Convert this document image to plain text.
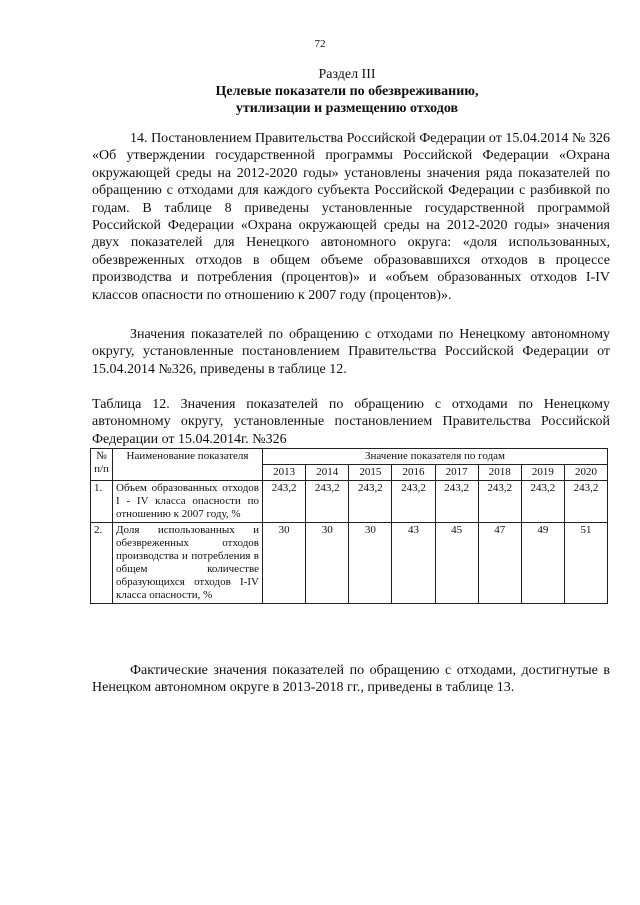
72
Раздел III
Целевые показатели по обезвреживанию,
утилизации и размещению отходов

14. Постановлением Правительства Российской Федерации от 15.04.2014 № 326 «Об утверждении государственной программы Российской Федерации «Охрана окружающей среды на 2012-2020 годы» установлены значения ряда показателей по обращению с отходами для каждого субъекта Российской Федерации с разбивкой по годам. В таблице 8 приведены установленные государственной программой Российской Федерации «Охрана окружающей среды на 2012-2020 годы» значения двух показателей для Ненецкого автономного округа: «доля использованных, обезвреженных отходов в общем объеме образовавшихся отходов в процессе производства и потребления (процентов)» и «объем образованных отходов I-IV классов опасности по отношению к 2007 году (процентов)».

Значения показателей по обращению с отходами по Ненецкому автономному округу, установленные постановлением Правительства Российской Федерации от 15.04.2014 №326, приведены в таблице 12.

Таблица 12. Значения показателей по обращению с отходами по Ненецкому автономному округу, установленные постановлением Правительства Российской Федерации от 15.04.2014г. №326

№ п/п	Наименование показателя	Значение показателя по годам							
		2013	2014	2015	2016	2017	2018	2019	2020
1.	Объем образованных отходов I - IV класса опасности по отношению к 2007 году, %	243,2	243,2	243,2	243,2	243,2	243,2	243,2	243,2
2.	Доля использованных и обезвреженных отходов производства и потребления в общем количестве образующихся отходов I-IV класса опасности, %	30	30	30	43	45	47	49	51

Фактические значения показателей по обращению с отходами, достигнутые в Ненецком автономном округе в 2013-2018 гг., приведены в таблице 13.
